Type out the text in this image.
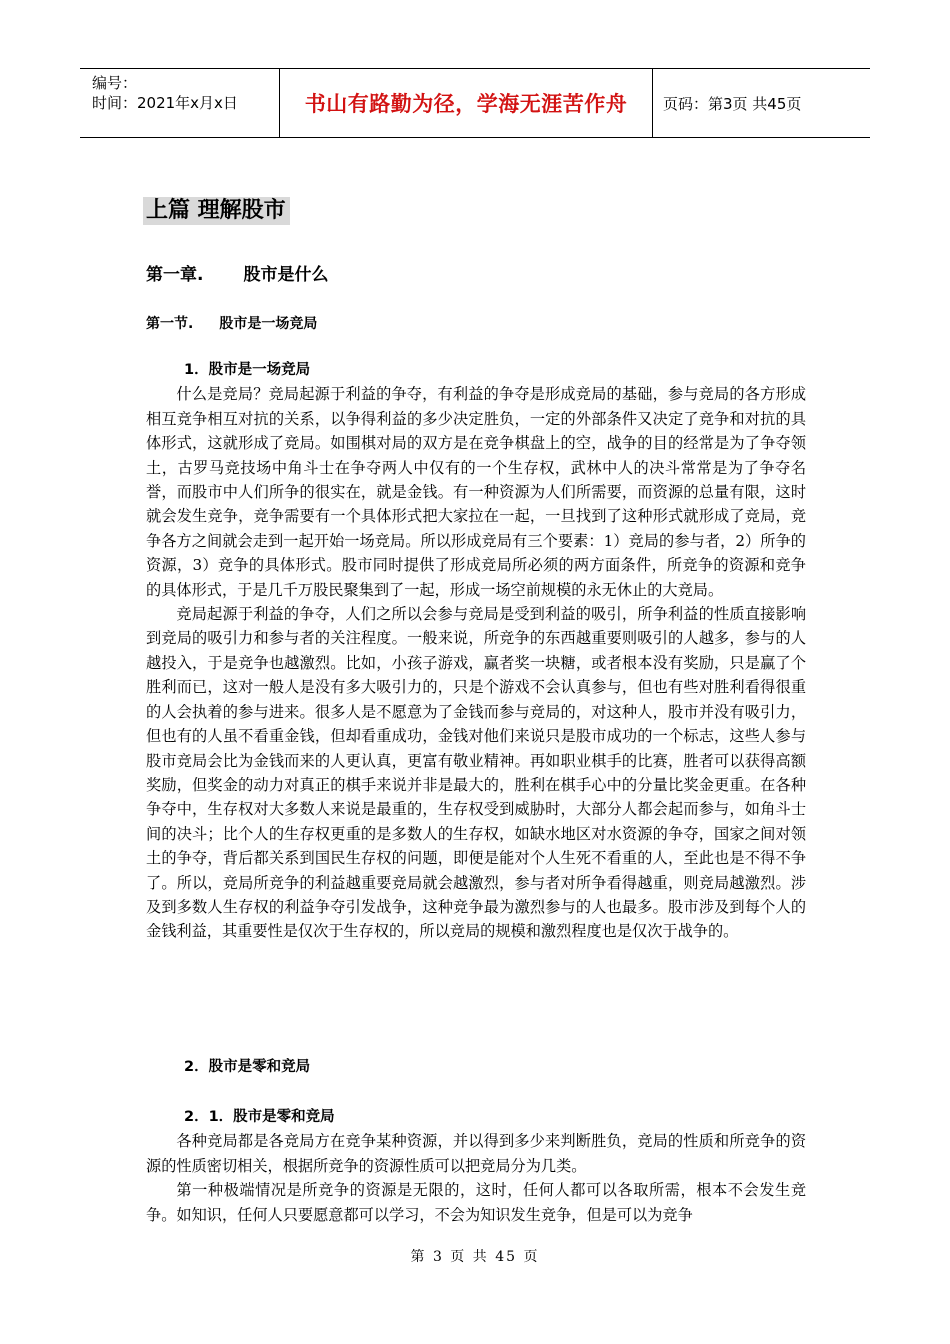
编号：
时间：2021年x月x日	书山有路勤为径，学海无涯苦作舟	页码：第3页 共45页
上篇 理解股市
第一章. 股市是什么
第一节. 股市是一场竞局
1．股市是一场竞局

什么是竞局？竞局起源于利益的争夺，有利益的争夺是形成竞局的基础，参与竞局的各方形成相互竞争相互对抗的关系，以争得利益的多少决定胜负，一定的外部条件又决定了竞争和对抗的具体形式，这就形成了竞局。如围棋对局的双方是在竞争棋盘上的空，战争的目的经常是为了争夺领土，古罗马竞技场中角斗士在争夺两人中仅有的一个生存权，武林中人的决斗常常是为了争夺名誉，而股市中人们所争的很实在，就是金钱。有一种资源为人们所需要，而资源的总量有限，这时就会发生竞争，竞争需要有一个具体形式把大家拉在一起，一旦找到了这种形式就形成了竞局，竞争各方之间就会走到一起开始一场竞局。所以形成竞局有三个要素：1）竞局的参与者，2）所争的资源，3）竞争的具体形式。股市同时提供了形成竞局所必须的两方面条件，所竞争的资源和竞争的具体形式，于是几千万股民聚集到了一起，形成一场空前规模的永无休止的大竞局。

竞局起源于利益的争夺，人们之所以会参与竞局是受到利益的吸引，所争利益的性质直接影响到竞局的吸引力和参与者的关注程度。一般来说，所竞争的东西越重要则吸引的人越多，参与的人越投入，于是竞争也越激烈。比如，小孩子游戏，赢者奖一块糖，或者根本没有奖励，只是赢了个胜利而已，这对一般人是没有多大吸引力的，只是个游戏不会认真参与，但也有些对胜利看得很重的人会执着的参与进来。很多人是不愿意为了金钱而参与竞局的，对这种人，股市并没有吸引力，但也有的人虽不看重金钱，但却看重成功，金钱对他们来说只是股市成功的一个标志，这些人参与股市竞局会比为金钱而来的人更认真，更富有敬业精神。再如职业棋手的比赛，胜者可以获得高额奖励，但奖金的动力对真正的棋手来说并非是最大的，胜利在棋手心中的分量比奖金更重。在各种争夺中，生存权对大多数人来说是最重的，生存权受到威胁时，大部分人都会起而参与，如角斗士间的决斗；比个人的生存权更重的是多数人的生存权，如缺水地区对水资源的争夺，国家之间对领土的争夺，背后都关系到国民生存权的问题，即便是能对个人生死不看重的人，至此也是不得不争了。所以，竞局所竞争的利益越重要竞局就会越激烈，参与者对所争看得越重，则竞局越激烈。涉及到多数人生存权的利益争夺引发战争，这种竞争最为激烈参与的人也最多。股市涉及到每个人的金钱利益，其重要性是仅次于生存权的，所以竞局的规模和激烈程度也是仅次于战争的。

2．股市是零和竞局
2．1．股市是零和竞局

各种竞局都是各竞局方在竞争某种资源，并以得到多少来判断胜负，竞局的性质和所竞争的资源的性质密切相关，根据所竞争的资源性质可以把竞局分为几类。

第一种极端情况是所竞争的资源是无限的，这时，任何人都可以各取所需，根本不会发生竞争。如知识，任何人只要愿意都可以学习，不会为知识发生竞争，但是可以为竞争

第 3 页 共 45 页
